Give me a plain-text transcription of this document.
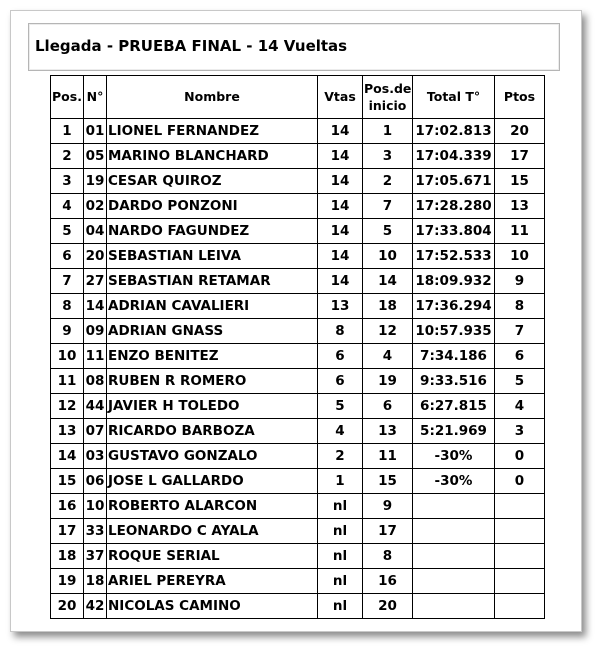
Llegada - PRUEBA FINAL - 14 Vueltas
Pos.	N°	Nombre	Vtas	Pos.de inicio	Total T°	Ptos
1	01	LIONEL FERNANDEZ	14	1	17:02.813	20
2	05	MARINO BLANCHARD	14	3	17:04.339	17
3	19	CESAR QUIROZ	14	2	17:05.671	15
4	02	DARDO PONZONI	14	7	17:28.280	13
5	04	NARDO FAGUNDEZ	14	5	17:33.804	11
6	20	SEBASTIAN LEIVA	14	10	17:52.533	10
7	27	SEBASTIAN RETAMAR	14	14	18:09.932	9
8	14	ADRIAN CAVALIERI	13	18	17:36.294	8
9	09	ADRIAN GNASS	8	12	10:57.935	7
10	11	ENZO BENITEZ	6	4	7:34.186	6
11	08	RUBEN R ROMERO	6	19	9:33.516	5
12	44	JAVIER H TOLEDO	5	6	6:27.815	4
13	07	RICARDO BARBOZA	4	13	5:21.969	3
14	03	GUSTAVO GONZALO	2	11	-30%	0
15	06	JOSE L GALLARDO	1	15	-30%	0
16	10	ROBERTO ALARCON	nl	9		
17	33	LEONARDO C AYALA	nl	17		
18	37	ROQUE SERIAL	nl	8		
19	18	ARIEL PEREYRA	nl	16		
20	42	NICOLAS CAMINO	nl	20		
